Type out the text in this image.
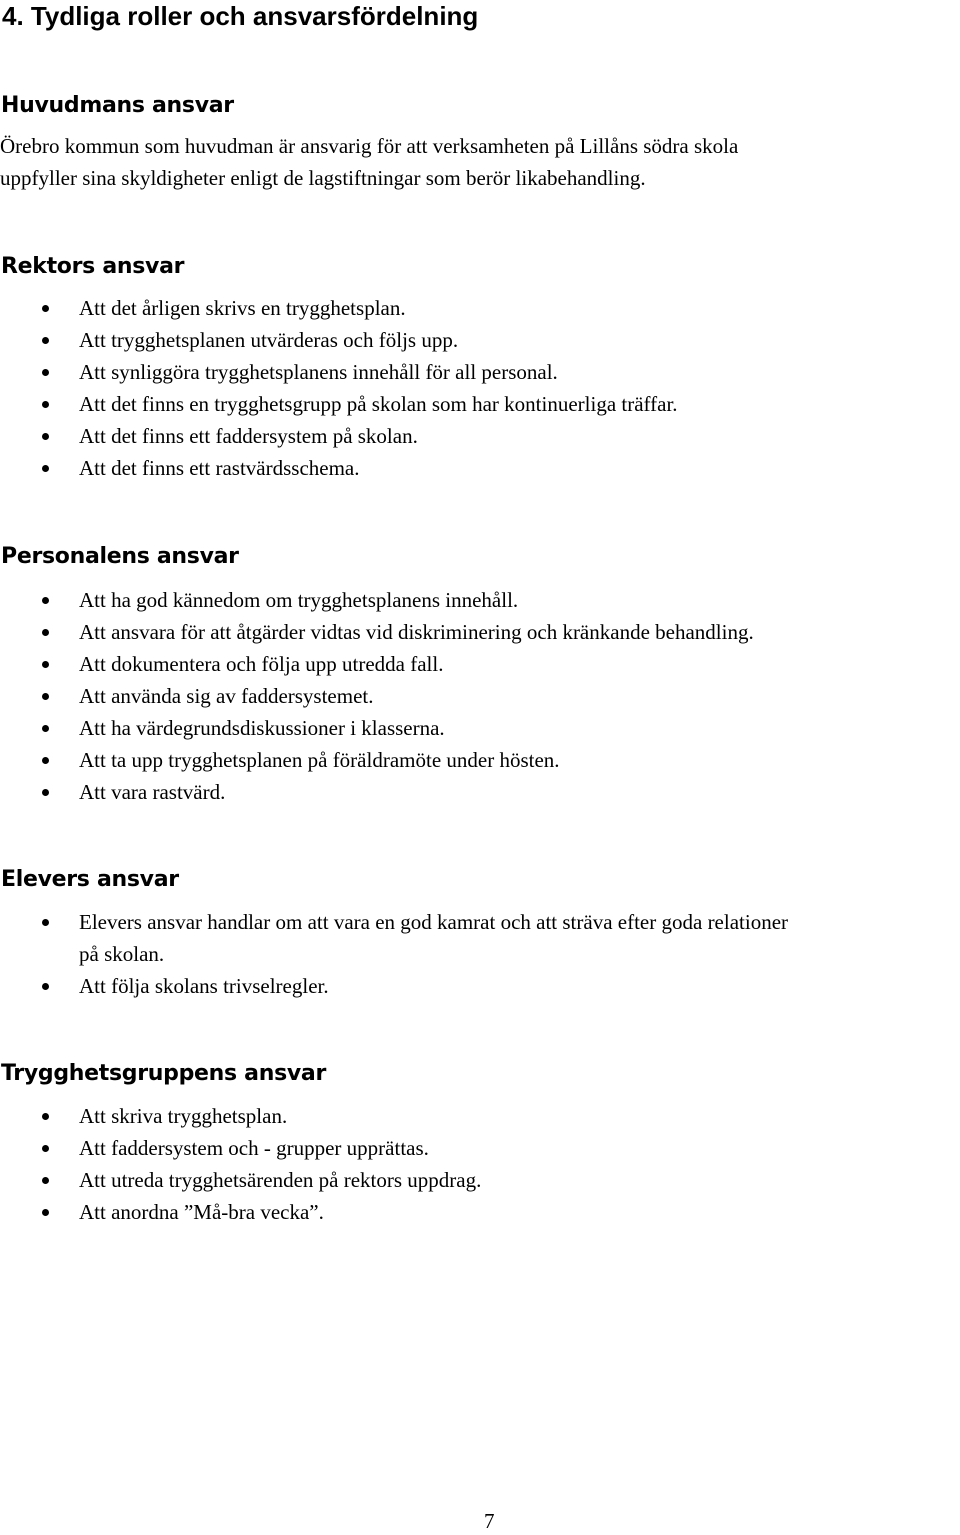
4. Tydliga roller och ansvarsfördelning
Huvudmans ansvar

Örebro kommun som huvudman är ansvarig för att verksamheten på Lillåns södra skola

uppfyller sina skyldigheter enligt de lagstiftningar som berör likabehandling.

Rektors ansvar
Att det årligen skrivs en trygghetsplan.
Att trygghetsplanen utvärderas och följs upp.
Att synliggöra trygghetsplanens innehåll för all personal.
Att det finns en trygghetsgrupp på skolan som har kontinuerliga träffar.
Att det finns ett faddersystem på skolan.
Att det finns ett rastvärdsschema.
Personalens ansvar
Att ha god kännedom om trygghetsplanens innehåll.
Att ansvara för att åtgärder vidtas vid diskriminering och kränkande behandling.
Att dokumentera och följa upp utredda fall.
Att använda sig av faddersystemet.
Att ha värdegrundsdiskussioner i klasserna.
Att ta upp trygghetsplanen på föräldramöte under hösten.
Att vara rastvärd.
Elevers ansvar
Elevers ansvar handlar om att vara en god kamrat och att sträva efter goda relationer
på skolan.
Att följa skolans trivselregler.
Trygghetsgruppens ansvar
Att skriva trygghetsplan.
Att faddersystem och - grupper upprättas.
Att utreda trygghetsärenden på rektors uppdrag.
Att anordna ”Må-bra vecka”.
7
